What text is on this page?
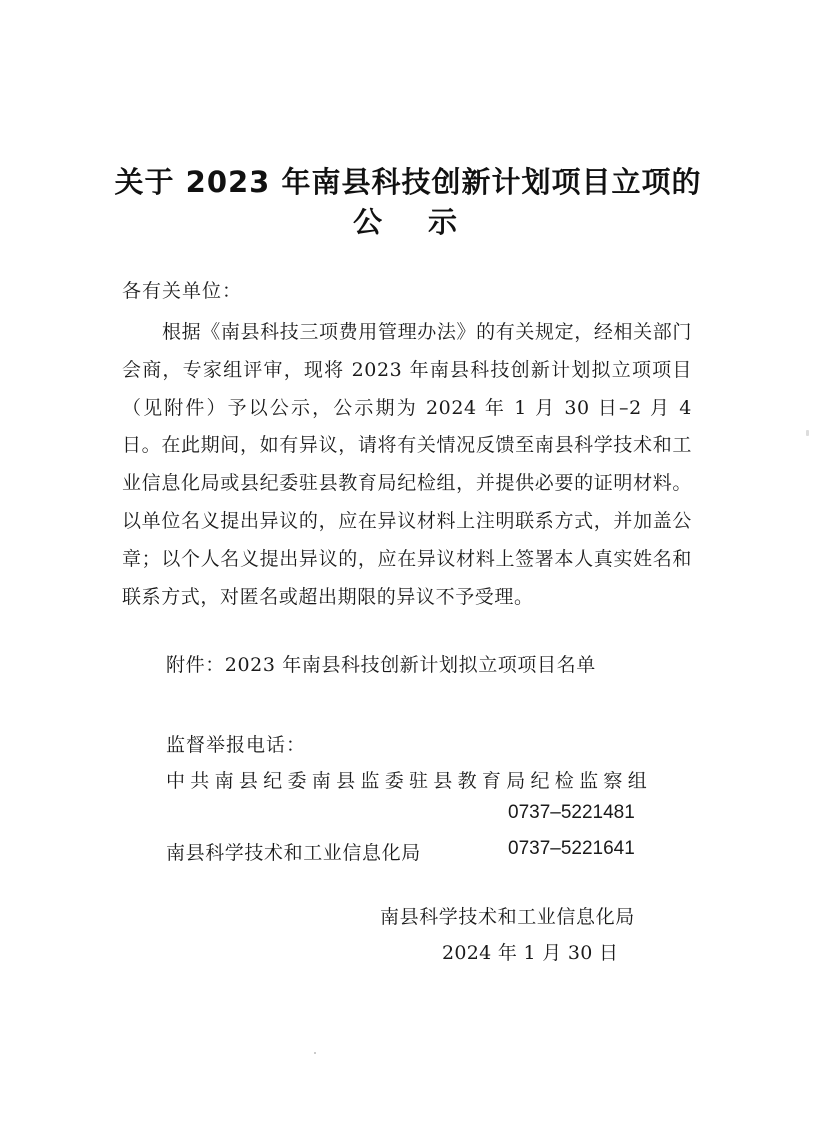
关于 2023 年南县科技创新计划项目立项的
公示
各有关单位：
根据《南县科技三项费用管理办法》的有关规定，经相关部门会商，专家组评审，现将 2023 年南县科技创新计划拟立项项目（见附件）予以公示，公示期为 2024 年 1 月 30 日–2 月 4 日。在此期间，如有异议，请将有关情况反馈至南县科学技术和工业信息化局或县纪委驻县教育局纪检组，并提供必要的证明材料。以单位名义提出异议的，应在异议材料上注明联系方式，并加盖公章；以个人名义提出异议的，应在异议材料上签署本人真实姓名和联系方式，对匿名或超出期限的异议不予受理。
附件：2023 年南县科技创新计划拟立项项目名单
监督举报电话：
中共南县纪委南县监委驻县教育局纪检监察组
0737–5221481
南县科学技术和工业信息化局	0737–5221641
南县科学技术和工业信息化局
2024 年 1 月 30 日
